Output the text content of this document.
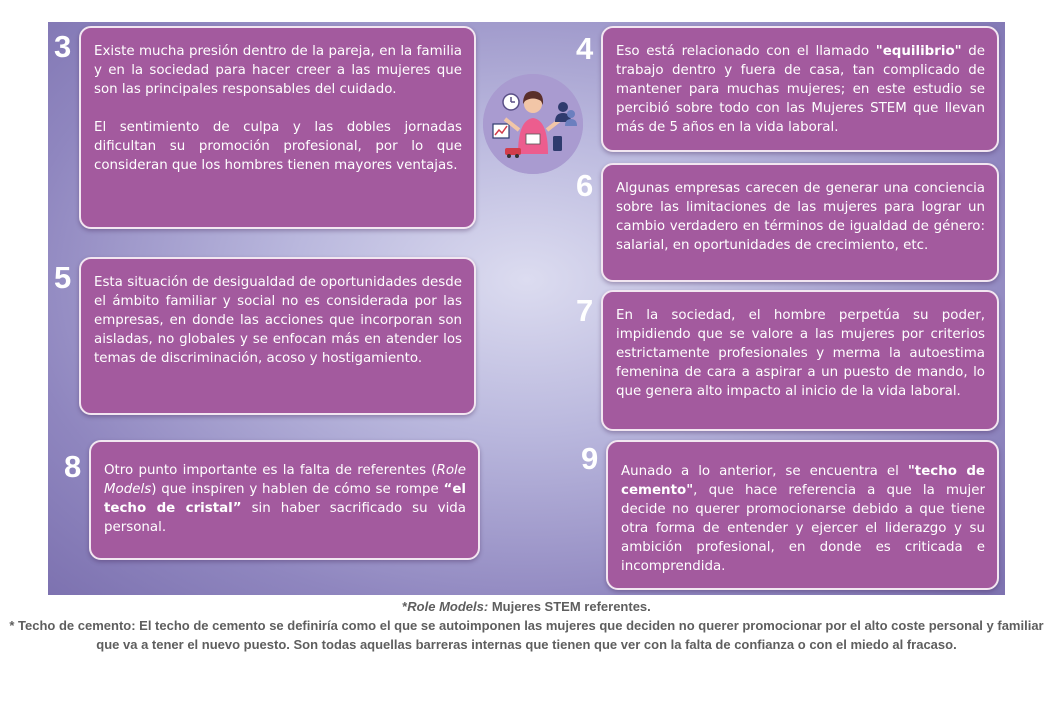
3 Existe mucha presión dentro de la pareja, en la familia y en la sociedad para hacer creer a las mujeres que son las principales responsables del cuidado.

El sentimiento de culpa y las dobles jornadas dificultan su promoción profesional, por lo que consideran que los hombres tienen mayores ventajas.

4 Eso está relacionado con el llamado "equilibrio" de trabajo dentro y fuera de casa, tan complicado de mantener para muchas mujeres; en este estudio se percibió sobre todo con las Mujeres STEM que llevan más de 5 años en la vida laboral.

6 Algunas empresas carecen de generar una conciencia sobre las limitaciones de las mujeres para lograr un cambio verdadero en términos de igualdad de género: salarial, en oportunidades de crecimiento, etc.

5 Esta situación de desigualdad de oportunidades desde el ámbito familiar y social no es considerada por las empresas, en donde las acciones que incorporan son aisladas, no globales y se enfocan más en atender los temas de discriminación, acoso y hostigamiento.

7 En la sociedad, el hombre perpetúa su poder, impidiendo que se valore a las mujeres por criterios estrictamente profesionales y merma la autoestima femenina de cara a aspirar a un puesto de mando, lo que genera alto impacto al inicio de la vida laboral.

8 Otro punto importante es la falta de referentes (Role Models) que inspiren y hablen de cómo se rompe “el techo de cristal” sin haber sacrificado su vida personal.

9 Aunado a lo anterior, se encuentra el "techo de cemento", que hace referencia a que la mujer decide no querer promocionarse debido a que tiene otra forma de entender y ejercer el liderazgo y su ambición profesional, en donde es criticada e incomprendida.

*Role Models: Mujeres STEM referentes.
* Techo de cemento: El techo de cemento se definiría como el que se autoimponen las mujeres que deciden no querer promocionar por el alto coste personal y familiar que va a tener el nuevo puesto. Son todas aquellas barreras internas que tienen que ver con la falta de confianza o con el miedo al fracaso.
